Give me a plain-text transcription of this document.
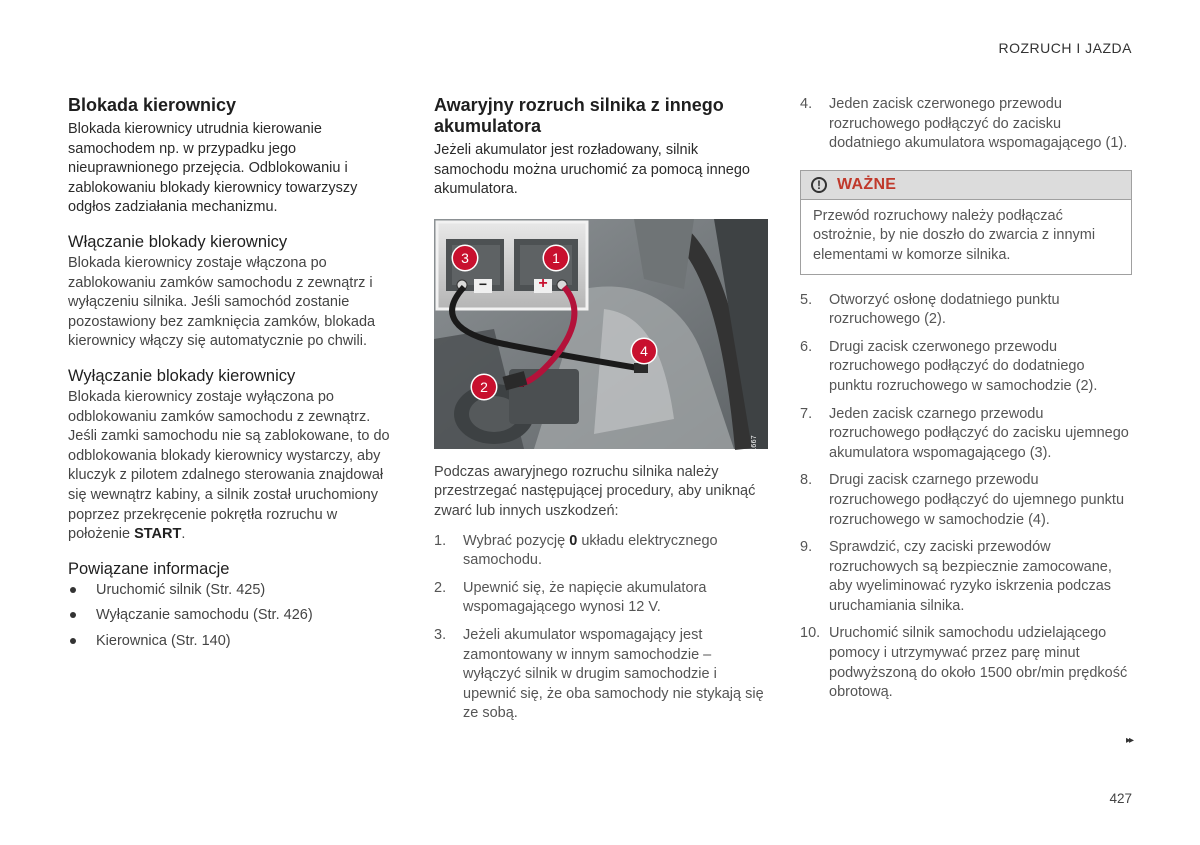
ROZRUCH I JAZDA
Blokada kierownicy

Blokada kierownicy utrudnia kierowanie samochodem np. w przypadku jego nieuprawnionego przejęcia. Odblokowaniu i zablokowaniu blokady kierownicy towarzyszy odgłos zadziałania mechanizmu.

Włączanie blokady kierownicy

Blokada kierownicy zostaje włączona po zablokowaniu zamków samochodu z zewnątrz i wyłączeniu silnika. Jeśli samochód zostanie pozostawiony bez zamknięcia zamków, blokada kierownicy włączy się automatycznie po chwili.

Wyłączanie blokady kierownicy

Blokada kierownicy zostaje wyłączona po odblokowaniu zamków samochodu z zewnątrz. Jeśli zamki samochodu nie są zablokowane, to do odblokowania blokady kierownicy wystarczy, aby kluczyk z pilotem zdalnego sterowania znajdował się wewnątrz kabiny, a silnik został uruchomiony poprzez przekręcenie pokrętła rozruchu w położenie START.

Powiązane informacje
Uruchomić silnik (Str. 425)
Wyłączanie samochodu (Str. 426)
Kierownica (Str. 140)
Awaryjny rozruch silnika z innego akumulatora

Jeżeli akumulator jest rozładowany, silnik samochodu można uruchomić za pomocą innego akumulatora.

3	1
4
2
−	+
G051667

Podczas awaryjnego rozruchu silnika należy przestrzegać następującej procedury, aby uniknąć zwarć lub innych uszkodzeń:

1. Wybrać pozycję 0 układu elektrycznego samochodu.
2. Upewnić się, że napięcie akumulatora wspomagającego wynosi 12 V.
3. Jeżeli akumulator wspomagający jest zamontowany w innym samochodzie – wyłączyć silnik w drugim samochodzie i upewnić się, że oba samochody nie stykają się ze sobą.
4. Jeden zacisk czerwonego przewodu rozruchowego podłączyć do zacisku dodatniego akumulatora wspomagającego (1).
!	WAŻNE
Przewód rozruchowy należy podłączać ostrożnie, by nie doszło do zwarcia z innymi elementami w komorze silnika.
5. Otworzyć osłonę dodatniego punktu rozruchowego (2).
6. Drugi zacisk czerwonego przewodu rozruchowego podłączyć do dodatniego punktu rozruchowego w samochodzie (2).
7. Jeden zacisk czarnego przewodu rozruchowego podłączyć do zacisku ujemnego akumulatora wspomagającego (3).
8. Drugi zacisk czarnego przewodu rozruchowego podłączyć do ujemnego punktu rozruchowego w samochodzie (4).
9. Sprawdzić, czy zaciski przewodów rozruchowych są bezpiecznie zamocowane, aby wyeliminować ryzyko iskrzenia podczas uruchamiania silnika.
10. Uruchomić silnik samochodu udzielającego pomocy i utrzymywać przez parę minut podwyższoną do około 1500 obr/min prędkość obrotową.
▸▸
427
